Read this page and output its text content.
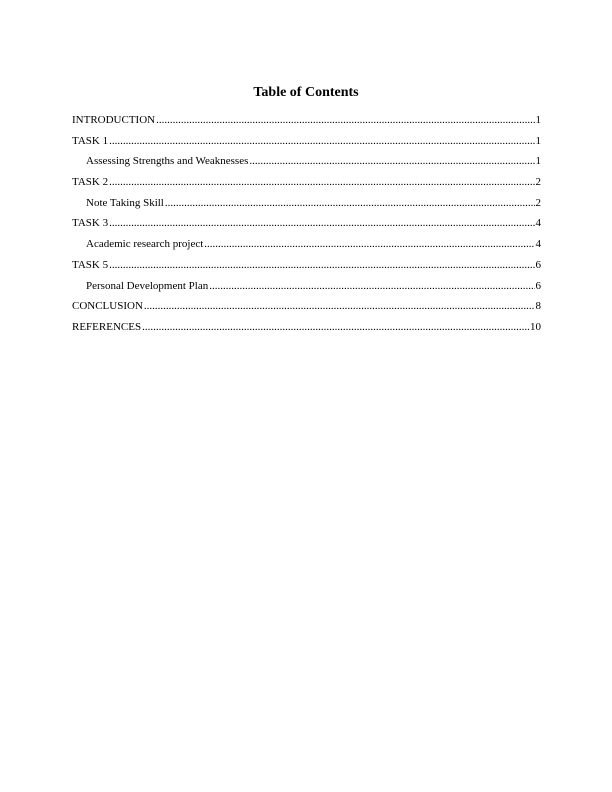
Table of Contents
INTRODUCTION .....	1
TASK 1 .....	1
Assessing Strengths and Weaknesses .....	1
TASK 2 .....	2
Note Taking Skill .....	2
TASK 3 .....	4
Academic research project .....	4
TASK 5 .....	6
Personal Development Plan .....	6
CONCLUSION .....	8
REFERENCES .....	10
